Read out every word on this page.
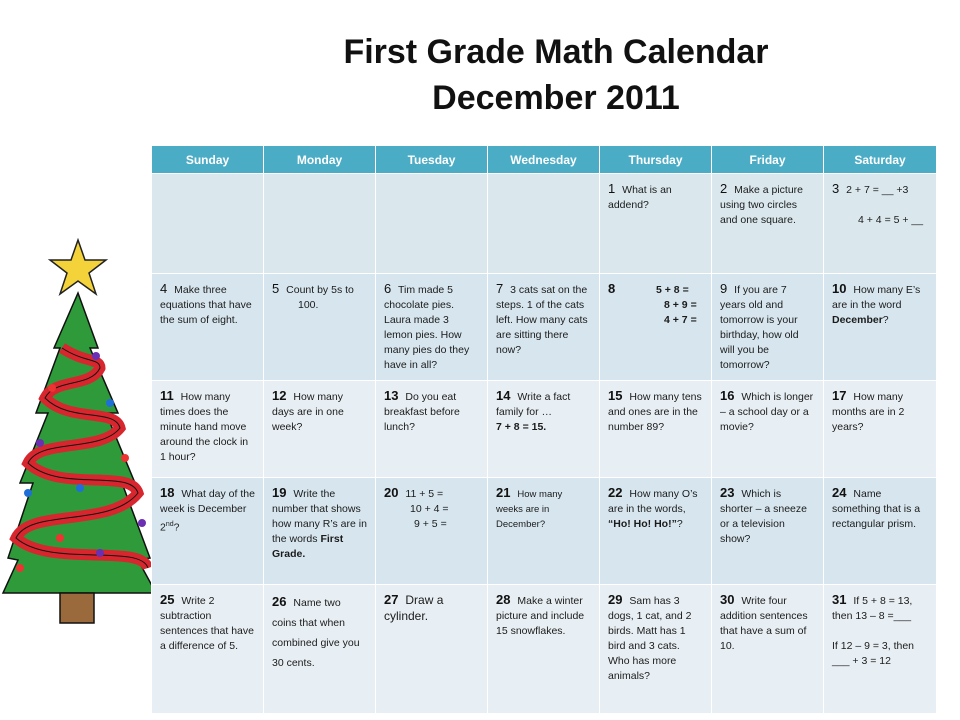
First Grade Math Calendar
December 2011
Sunday	Monday	Tuesday	Wednesday	Thursday	Friday	Saturday
				1 What is an addend?	2 Make a picture using two circles and one square.	3 2 + 7 = __ +3

4 + 4 = 5 + __

4 Make three equations that have the sum of eight.	5 Count by 5s to
100.	6 Tim made 5 chocolate pies. Laura made 3 lemon pies. How many pies do they have in all?	7 3 cats sat on the steps. 1 of the cats left. How many cats are sitting there now?	8 5 + 8 =
8 + 9 =
4 + 7 =	9 If you are 7 years old and tomorrow is your birthday, how old will you be tomorrow?	10 How many E’s are in the word December?
11 How many times does the minute hand move around the clock in 1 hour?	12 How many days are in one week?	13 Do you eat breakfast before lunch?	14 Write a fact family for …
7 + 8 = 15.	15 How many tens and ones are in the number 89?	16 Which is longer – a school day or a movie?	17 How many months are in 2 years?
18 What day of the week is December 2nd?	19 Write the number that shows how many R’s are in the words First Grade.	20 11 + 5 =
10 + 4 =
9 + 5 =	21 How many weeks are in December?	22 How many O’s are in the words, “Ho! Ho! Ho!”?	23 Which is shorter – a sneeze or a television show?	24 Name something that is a rectangular prism.
25 Write 2 subtraction sentences that have a difference of 5.	26 Name two coins that when combined give you 30 cents.	27 Draw a cylinder.	28 Make a winter picture and include 15 snowflakes.	29 Sam has 3 dogs, 1 cat, and 2 birds. Matt has 1 bird and 3 cats. Who has more animals?	30 Write four addition sentences that have a sum of 10.	31 If 5 + 8 = 13, then 13 – 8 =___

If 12 – 9 = 3, then ___ + 3 = 12
